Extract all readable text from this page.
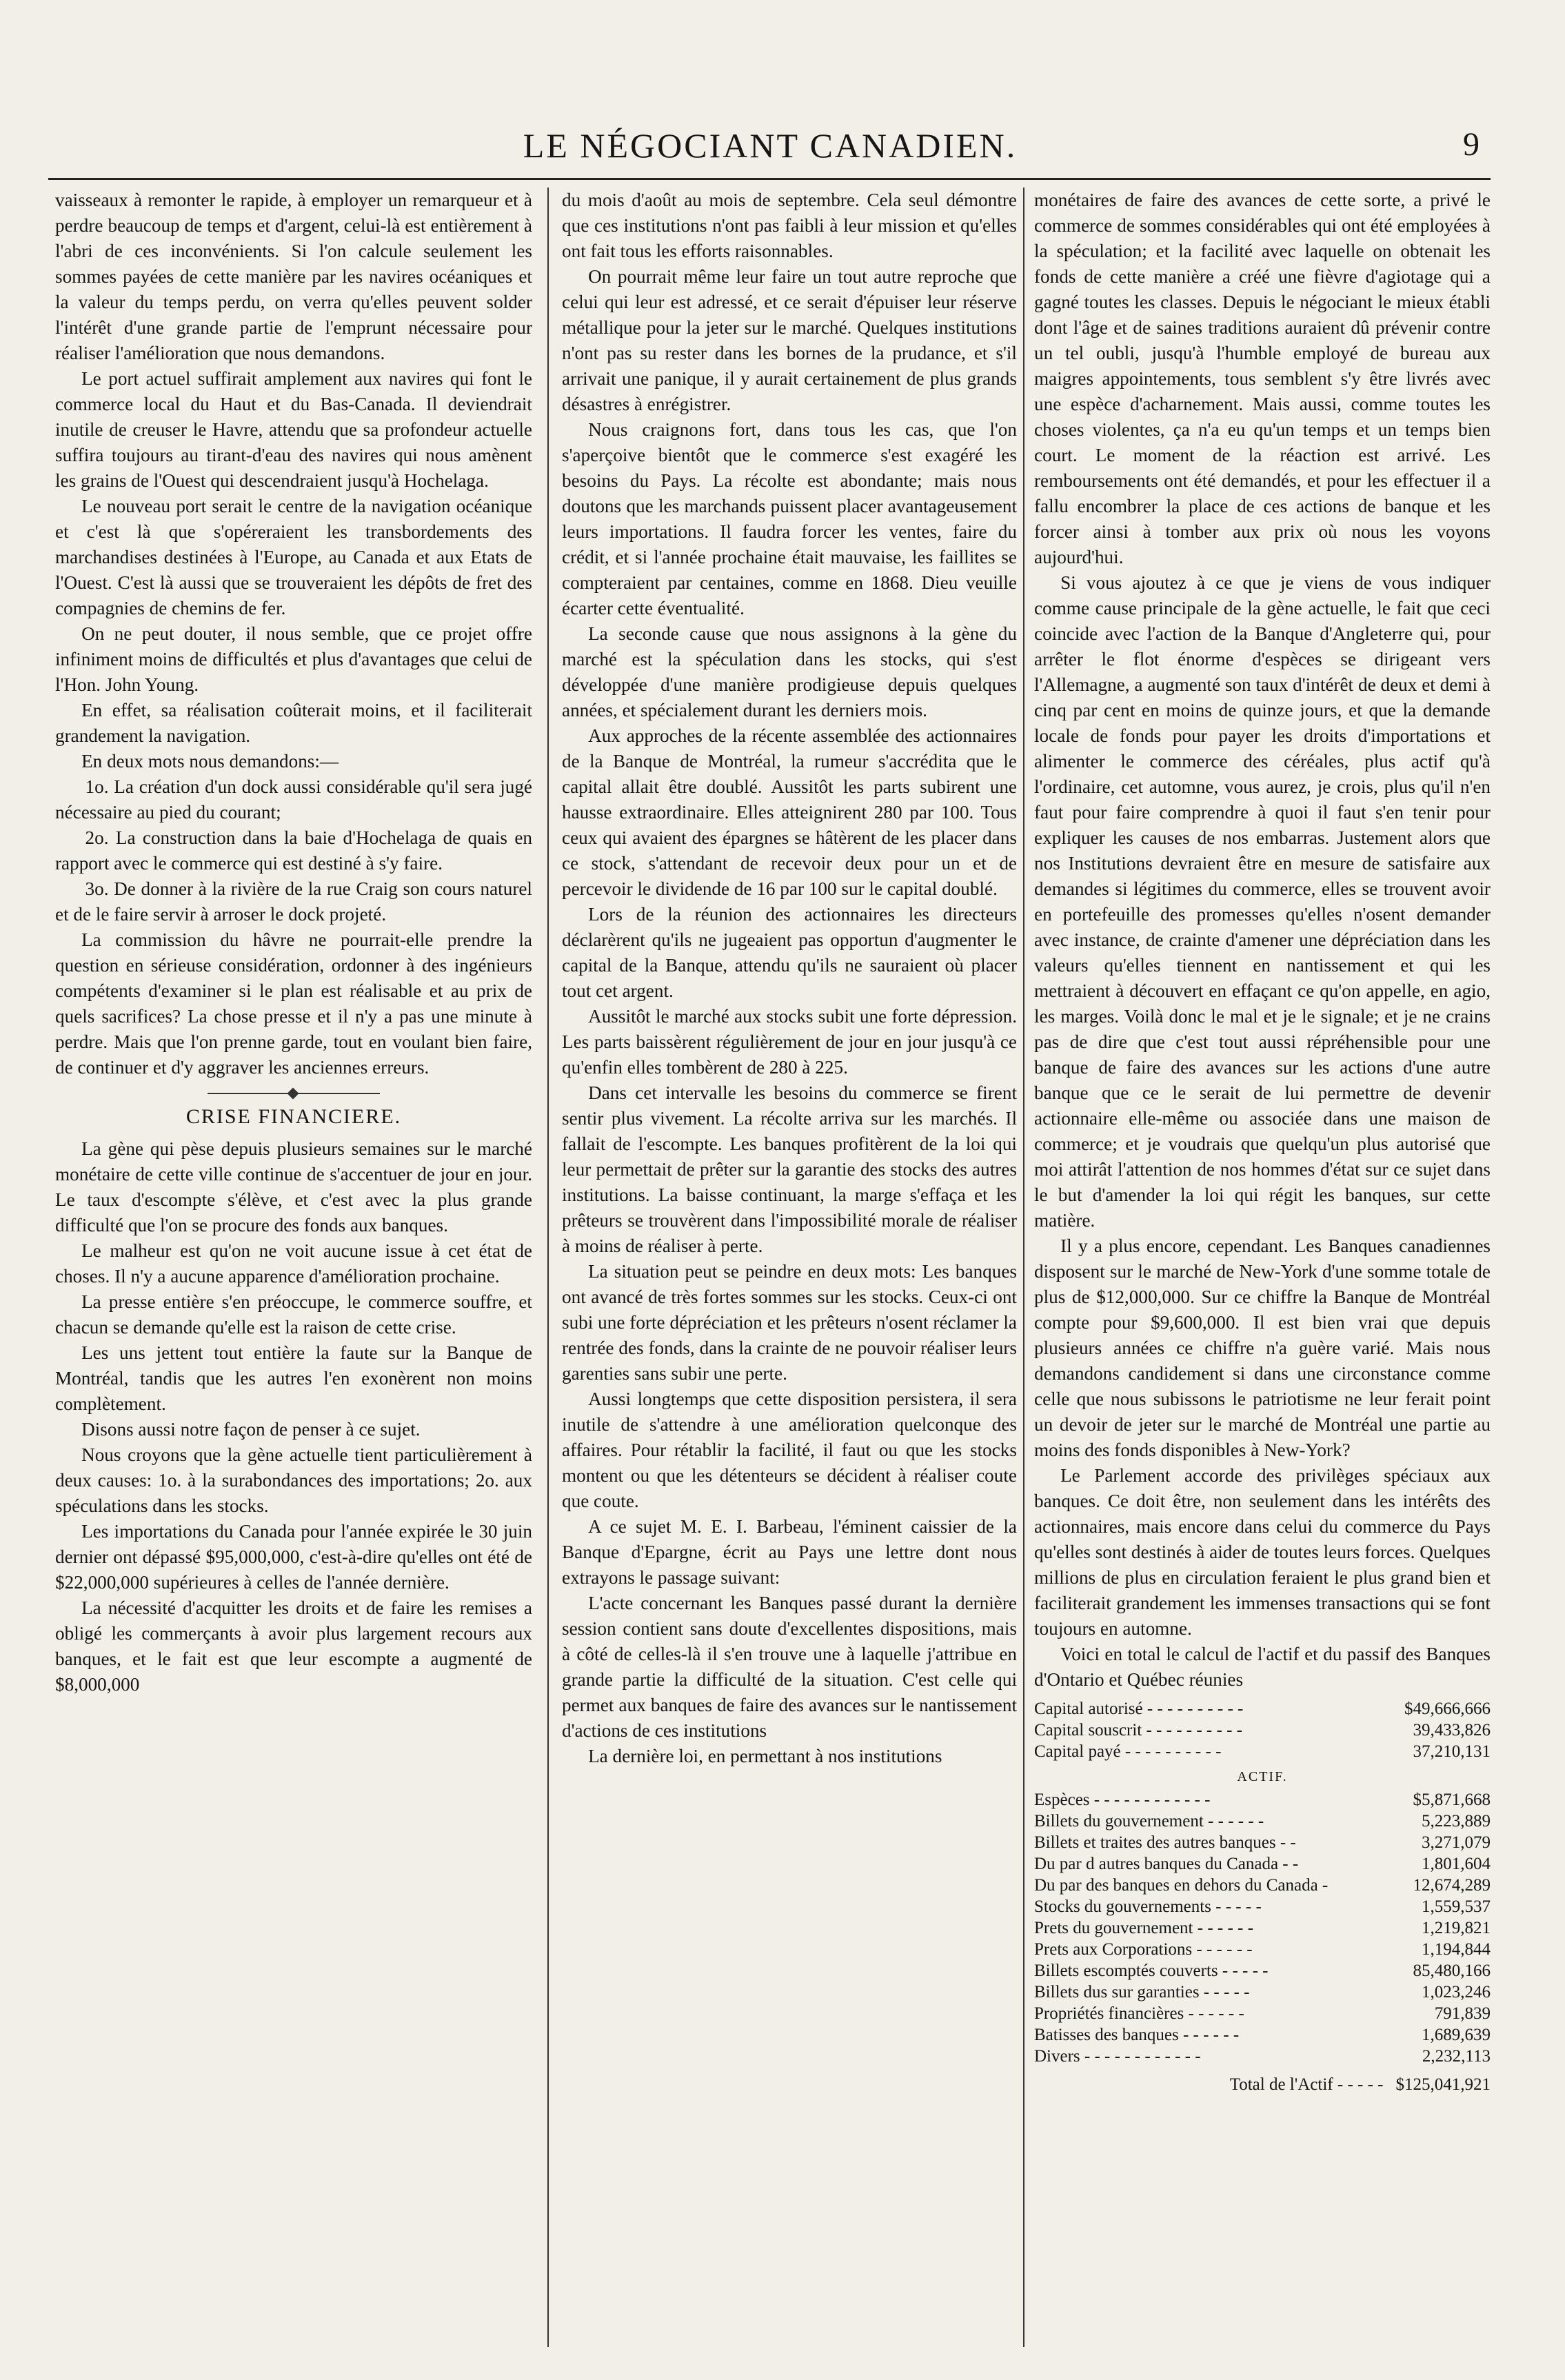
LE NÉGOCIANT CANADIEN.	9

vaisseaux à remonter le rapide, à employer un remarqueur et à perdre beaucoup de temps et d'argent, celui-là est entièrement à l'abri de ces inconvénients. Si l'on calcule seulement les sommes payées de cette manière par les navires océaniques et la valeur du temps perdu, on verra qu'elles peuvent solder l'intérêt d'une grande partie de l'emprunt nécessaire pour réaliser l'amélioration que nous demandons.

Le port actuel suffirait amplement aux navires qui font le commerce local du Haut et du Bas-Canada. Il deviendrait inutile de creuser le Havre, attendu que sa profondeur actuelle suffira toujours au tirant-d'eau des navires qui nous amènent les grains de l'Ouest qui descendraient jusqu'à Hochelaga.

Le nouveau port serait le centre de la navigation océanique et c'est là que s'opéreraient les transbordements des marchandises destinées à l'Europe, au Canada et aux Etats de l'Ouest. C'est là aussi que se trouveraient les dépôts de fret des compagnies de chemins de fer.

On ne peut douter, il nous semble, que ce projet offre infiniment moins de difficultés et plus d'avantages que celui de l'Hon. John Young.

En effet, sa réalisation coûterait moins, et il faciliterait grandement la navigation.

En deux mots nous demandons:—

1o. La création d'un dock aussi considérable qu'il sera jugé nécessaire au pied du courant;

2o. La construction dans la baie d'Hochelaga de quais en rapport avec le commerce qui est destiné à s'y faire.

3o. De donner à la rivière de la rue Craig son cours naturel et de le faire servir à arroser le dock projeté.

La commission du hâvre ne pourrait-elle prendre la question en sérieuse considération, ordonner à des ingénieurs compétents d'examiner si le plan est réalisable et au prix de quels sacrifices? La chose presse et il n'y a pas une minute à perdre. Mais que l'on prenne garde, tout en voulant bien faire, de continuer et d'y aggraver les anciennes erreurs.

CRISE FINANCIERE.

La gène qui pèse depuis plusieurs semaines sur le marché monétaire de cette ville continue de s'accentuer de jour en jour. Le taux d'escompte s'élève, et c'est avec la plus grande difficulté que l'on se procure des fonds aux banques.

Le malheur est qu'on ne voit aucune issue à cet état de choses. Il n'y a aucune apparence d'amélioration prochaine.

La presse entière s'en préoccupe, le commerce souffre, et chacun se demande qu'elle est la raison de cette crise.

Les uns jettent tout entière la faute sur la Banque de Montréal, tandis que les autres l'en exonèrent non moins complètement.

Disons aussi notre façon de penser à ce sujet.

Nous croyons que la gène actuelle tient particulièrement à deux causes: 1o. à la surabondances des importations; 2o. aux spéculations dans les stocks.

Les importations du Canada pour l'année expirée le 30 juin dernier ont dépassé $95,000,000, c'est-à-dire qu'elles ont été de $22,000,000 supérieures à celles de l'année dernière.

La nécessité d'acquitter les droits et de faire les remises a obligé les commerçants à avoir plus largement recours aux banques, et le fait est que leur escompte a augmenté de $8,000,000

du mois d'août au mois de septembre. Cela seul démontre que ces institutions n'ont pas faibli à leur mission et qu'elles ont fait tous les efforts raisonnables.

On pourrait même leur faire un tout autre reproche que celui qui leur est adressé, et ce serait d'épuiser leur réserve métallique pour la jeter sur le marché. Quelques institutions n'ont pas su rester dans les bornes de la prudance, et s'il arrivait une panique, il y aurait certainement de plus grands désastres à enrégistrer.

Nous craignons fort, dans tous les cas, que l'on s'aperçoive bientôt que le commerce s'est exagéré les besoins du Pays. La récolte est abondante; mais nous doutons que les marchands puissent placer avantageusement leurs importations. Il faudra forcer les ventes, faire du crédit, et si l'année prochaine était mauvaise, les faillites se compteraient par centaines, comme en 1868. Dieu veuille écarter cette éventualité.

La seconde cause que nous assignons à la gène du marché est la spéculation dans les stocks, qui s'est développée d'une manière prodigieuse depuis quelques années, et spécialement durant les derniers mois.

Aux approches de la récente assemblée des actionnaires de la Banque de Montréal, la rumeur s'accrédita que le capital allait être doublé. Aussitôt les parts subirent une hausse extraordinaire. Elles atteignirent 280 par 100. Tous ceux qui avaient des épargnes se hâtèrent de les placer dans ce stock, s'attendant de recevoir deux pour un et de percevoir le dividende de 16 par 100 sur le capital doublé.

Lors de la réunion des actionnaires les directeurs déclarèrent qu'ils ne jugeaient pas opportun d'augmenter le capital de la Banque, attendu qu'ils ne sauraient où placer tout cet argent.

Aussitôt le marché aux stocks subit une forte dépression. Les parts baissèrent régulièrement de jour en jour jusqu'à ce qu'enfin elles tombèrent de 280 à 225.

Dans cet intervalle les besoins du commerce se firent sentir plus vivement. La récolte arriva sur les marchés. Il fallait de l'escompte. Les banques profitèrent de la loi qui leur permettait de prêter sur la garantie des stocks des autres institutions. La baisse continuant, la marge s'effaça et les prêteurs se trouvèrent dans l'impossibilité morale de réaliser à moins de réaliser à perte.

La situation peut se peindre en deux mots: Les banques ont avancé de très fortes sommes sur les stocks. Ceux-ci ont subi une forte dépréciation et les prêteurs n'osent réclamer la rentrée des fonds, dans la crainte de ne pouvoir réaliser leurs garenties sans subir une perte.

Aussi longtemps que cette disposition persistera, il sera inutile de s'attendre à une amélioration quelconque des affaires. Pour rétablir la facilité, il faut ou que les stocks montent ou que les détenteurs se décident à réaliser coute que coute.

A ce sujet M. E. I. Barbeau, l'éminent caissier de la Banque d'Epargne, écrit au Pays une lettre dont nous extrayons le passage suivant:

L'acte concernant les Banques passé durant la dernière session contient sans doute d'excellentes dispositions, mais à côté de celles-là il s'en trouve une à laquelle j'attribue en grande partie la difficulté de la situation. C'est celle qui permet aux banques de faire des avances sur le nantissement d'actions de ces institutions

La dernière loi, en permettant à nos institutions

monétaires de faire des avances de cette sorte, a privé le commerce de sommes considérables qui ont été employées à la spéculation; et la facilité avec laquelle on obtenait les fonds de cette manière a créé une fièvre d'agiotage qui a gagné toutes les classes. Depuis le négociant le mieux établi dont l'âge et de saines traditions auraient dû prévenir contre un tel oubli, jusqu'à l'humble employé de bureau aux maigres appointements, tous semblent s'y être livrés avec une espèce d'acharnement. Mais aussi, comme toutes les choses violentes, ça n'a eu qu'un temps et un temps bien court. Le moment de la réaction est arrivé. Les remboursements ont été demandés, et pour les effectuer il a fallu encombrer la place de ces actions de banque et les forcer ainsi à tomber aux prix où nous les voyons aujourd'hui.

Si vous ajoutez à ce que je viens de vous indiquer comme cause principale de la gène actuelle, le fait que ceci coincide avec l'action de la Banque d'Angleterre qui, pour arrêter le flot énorme d'espèces se dirigeant vers l'Allemagne, a augmenté son taux d'intérêt de deux et demi à cinq par cent en moins de quinze jours, et que la demande locale de fonds pour payer les droits d'importations et alimenter le commerce des céréales, plus actif qu'à l'ordinaire, cet automne, vous aurez, je crois, plus qu'il n'en faut pour faire comprendre à quoi il faut s'en tenir pour expliquer les causes de nos embarras. Justement alors que nos Institutions devraient être en mesure de satisfaire aux demandes si légitimes du commerce, elles se trouvent avoir en portefeuille des promesses qu'elles n'osent demander avec instance, de crainte d'amener une dépréciation dans les valeurs qu'elles tiennent en nantissement et qui les mettraient à découvert en effaçant ce qu'on appelle, en agio, les marges. Voilà donc le mal et je le signale; et je ne crains pas de dire que c'est tout aussi répréhensible pour une banque de faire des avances sur les actions d'une autre banque que ce le serait de lui permettre de devenir actionnaire elle-même ou associée dans une maison de commerce; et je voudrais que quelqu'un plus autorisé que moi attirât l'attention de nos hommes d'état sur ce sujet dans le but d'amender la loi qui régit les banques, sur cette matière.

Il y a plus encore, cependant. Les Banques canadiennes disposent sur le marché de New-York d'une somme totale de plus de $12,000,000. Sur ce chiffre la Banque de Montréal compte pour $9,600,000. Il est bien vrai que depuis plusieurs années ce chiffre n'a guère varié. Mais nous demandons candidement si dans une circonstance comme celle que nous subissons le patriotisme ne leur ferait point un devoir de jeter sur le marché de Montréal une partie au moins des fonds disponibles à New-York?

Le Parlement accorde des privilèges spéciaux aux banques. Ce doit être, non seulement dans les intérêts des actionnaires, mais encore dans celui du commerce du Pays qu'elles sont destinés à aider de toutes leurs forces. Quelques millions de plus en circulation feraient le plus grand bien et faciliterait grandement les immenses transactions qui se font toujours en automne.

Voici en total le calcul de l'actif et du passif des Banques d'Ontario et Québec réunies

Capital autorisé - - - - - - - - - -	$49,666,666
Capital souscrit - - - - - - - - - -	39,433,826
Capital payé - - - - - - - - - -	37,210,131
ACTIF.
Espèces - - - - - - - - - - - -	$5,871,668
Billets du gouvernement - - - - - -	5,223,889
Billets et traites des autres banques - -	3,271,079
Du par d autres banques du Canada - -	1,801,604
Du par des banques en dehors du Canada -	12,674,289
Stocks du gouvernements - - - - -	1,559,537
Prets du gouvernement - - - - - -	1,219,821
Prets aux Corporations - - - - - -	1,194,844
Billets escomptés couverts - - - - -	85,480,166
Billets dus sur garanties - - - - -	1,023,246
Propriétés financières - - - - - -	791,839
Batisses des banques - - - - - -	1,689,639
Divers - - - - - - - - - - - -	2,232,113
Total de l'Actif - - - - - $125,041,921
